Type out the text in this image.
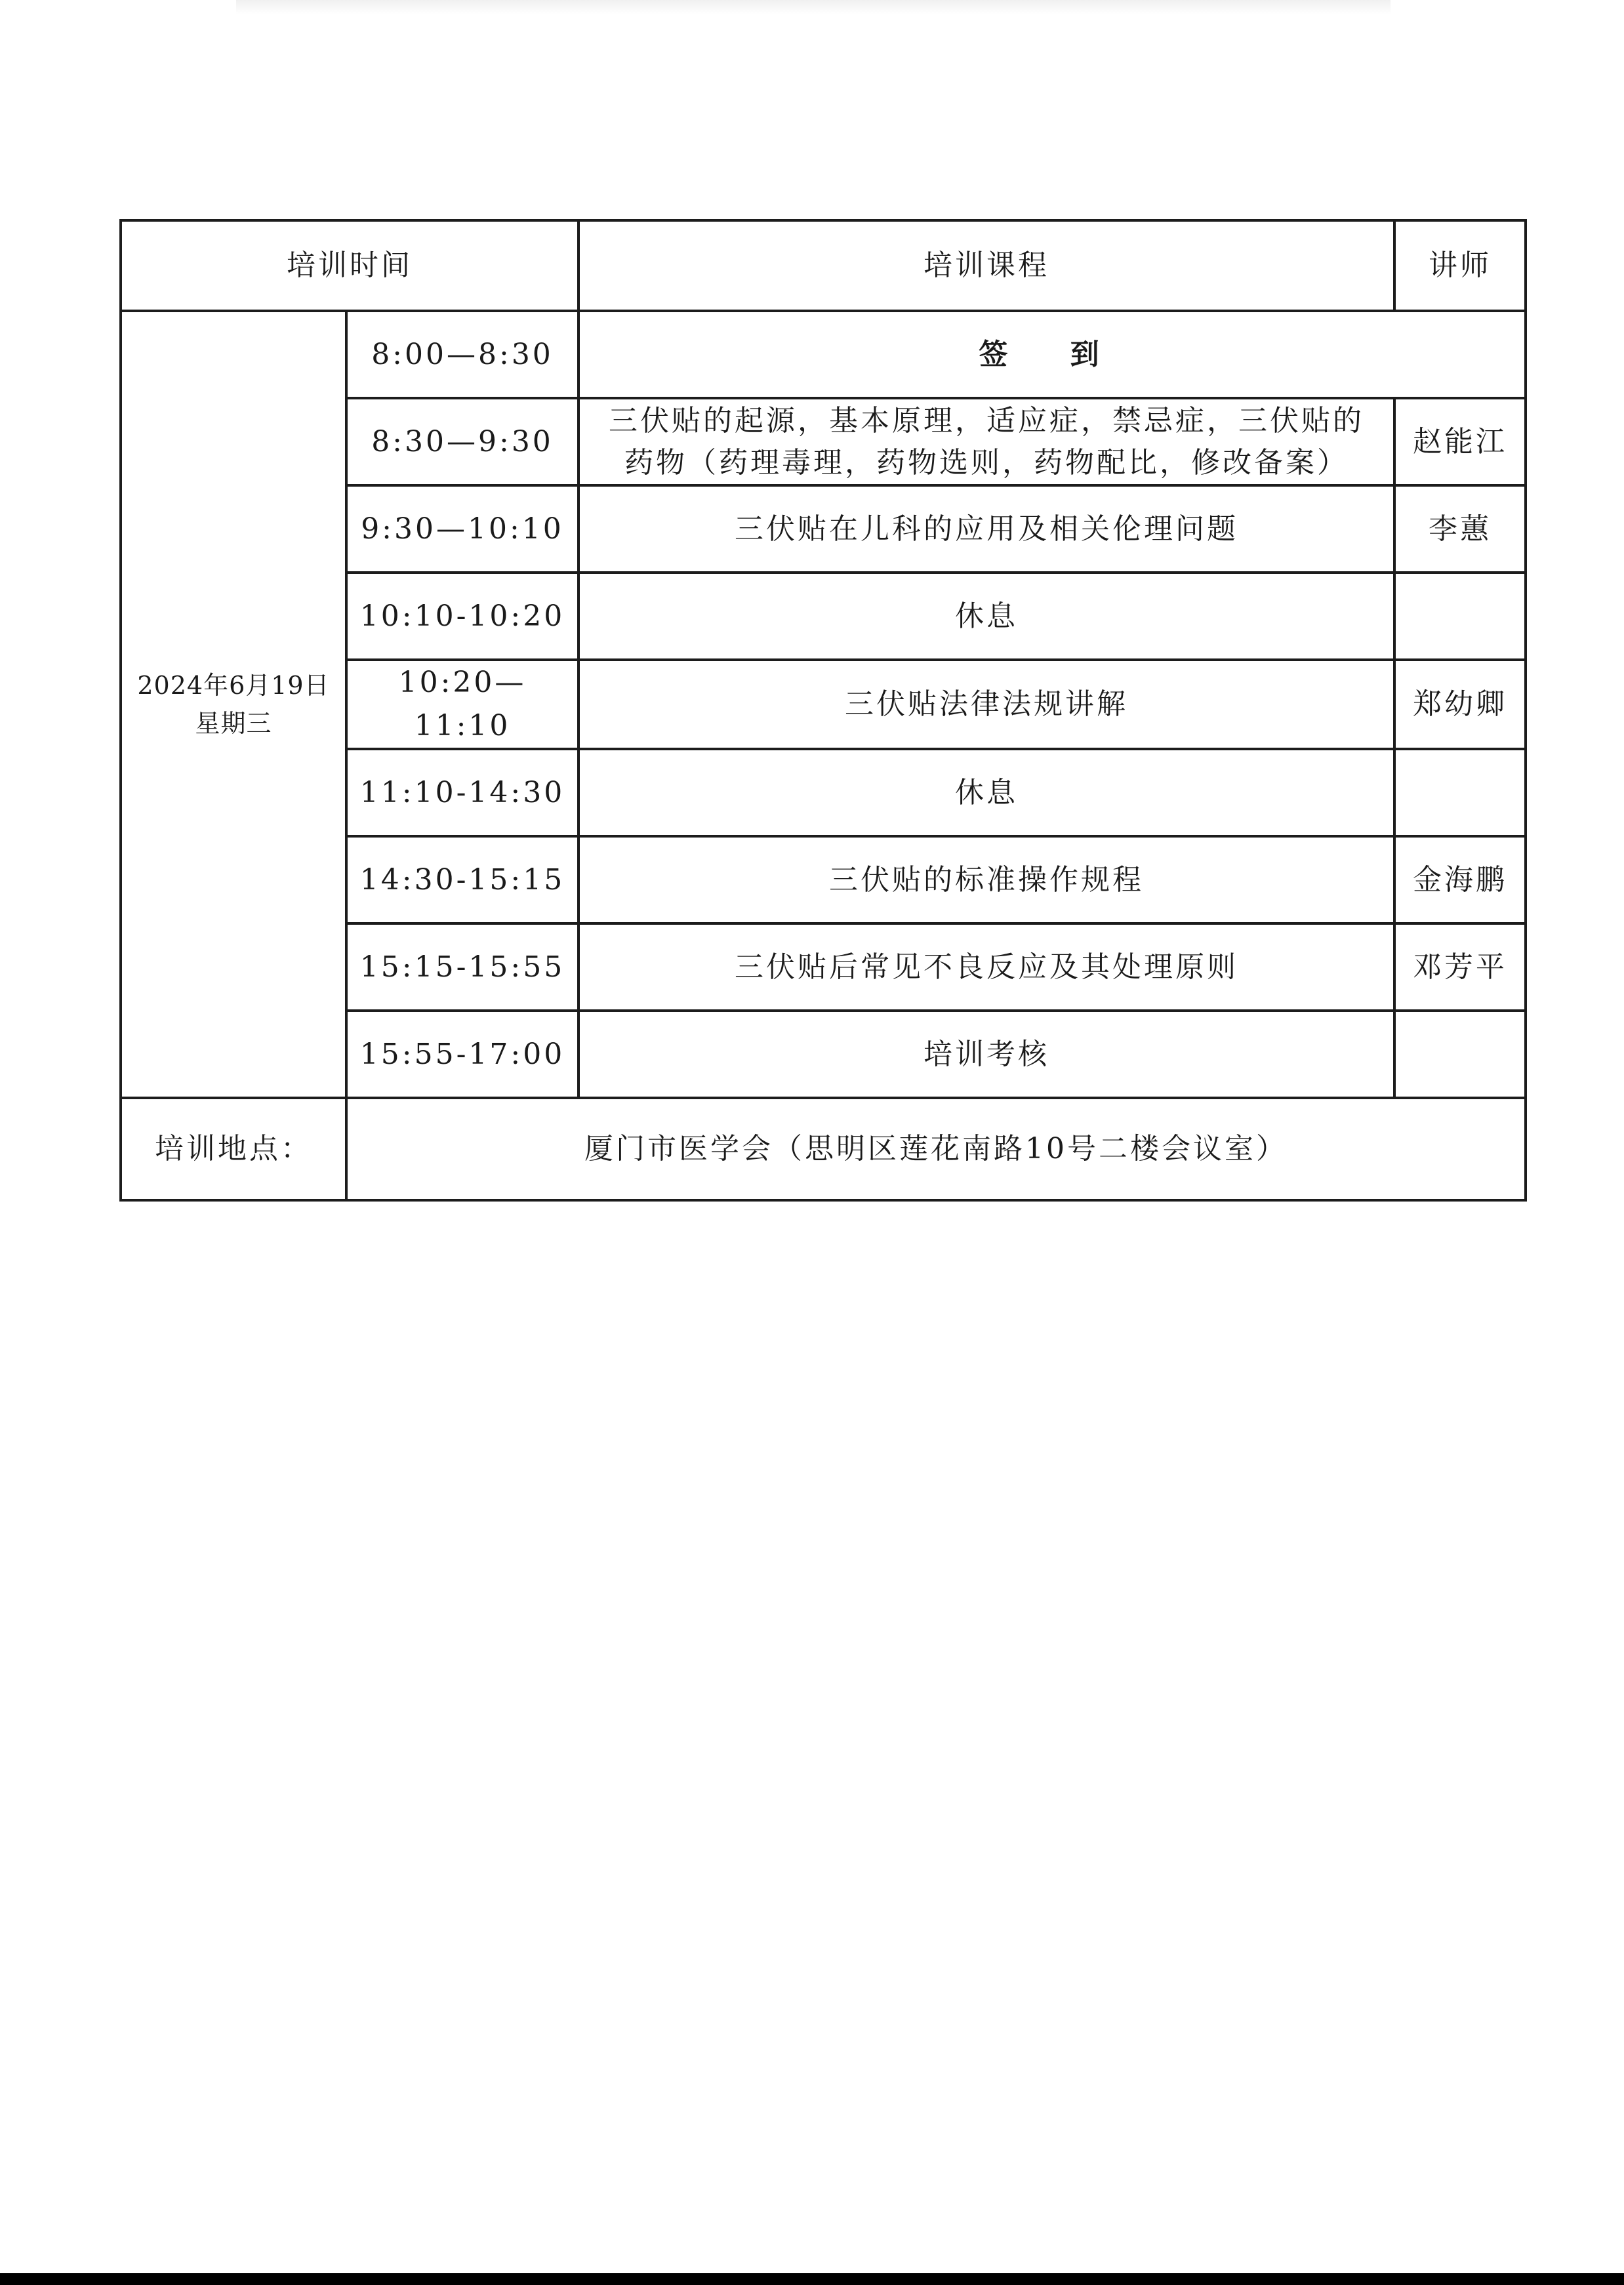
培训时间		培训课程	讲师

2024年6月19日
星期三	8:00—8:30	签 到	
	8:30—9:30	三伏贴的起源，基本原理，适应症，禁忌症，三伏贴的
药物（药理毒理，药物选则，药物配比，修改备案）	赵能江
	9:30—10:10	三伏贴在儿科的应用及相关伦理问题	李蕙
	10:10-10:20	休息	
	10:20—11:10	三伏贴法律法规讲解	郑幼卿
	11:10-14:30	休息	
	14:30-15:15	三伏贴的标准操作规程	金海鹏
	15:15-15:55	三伏贴后常见不良反应及其处理原则	邓芳平
	15:55-17:00	培训考核	
培训地点：	厦门市医学会（思明区莲花南路10号二楼会议室）		
